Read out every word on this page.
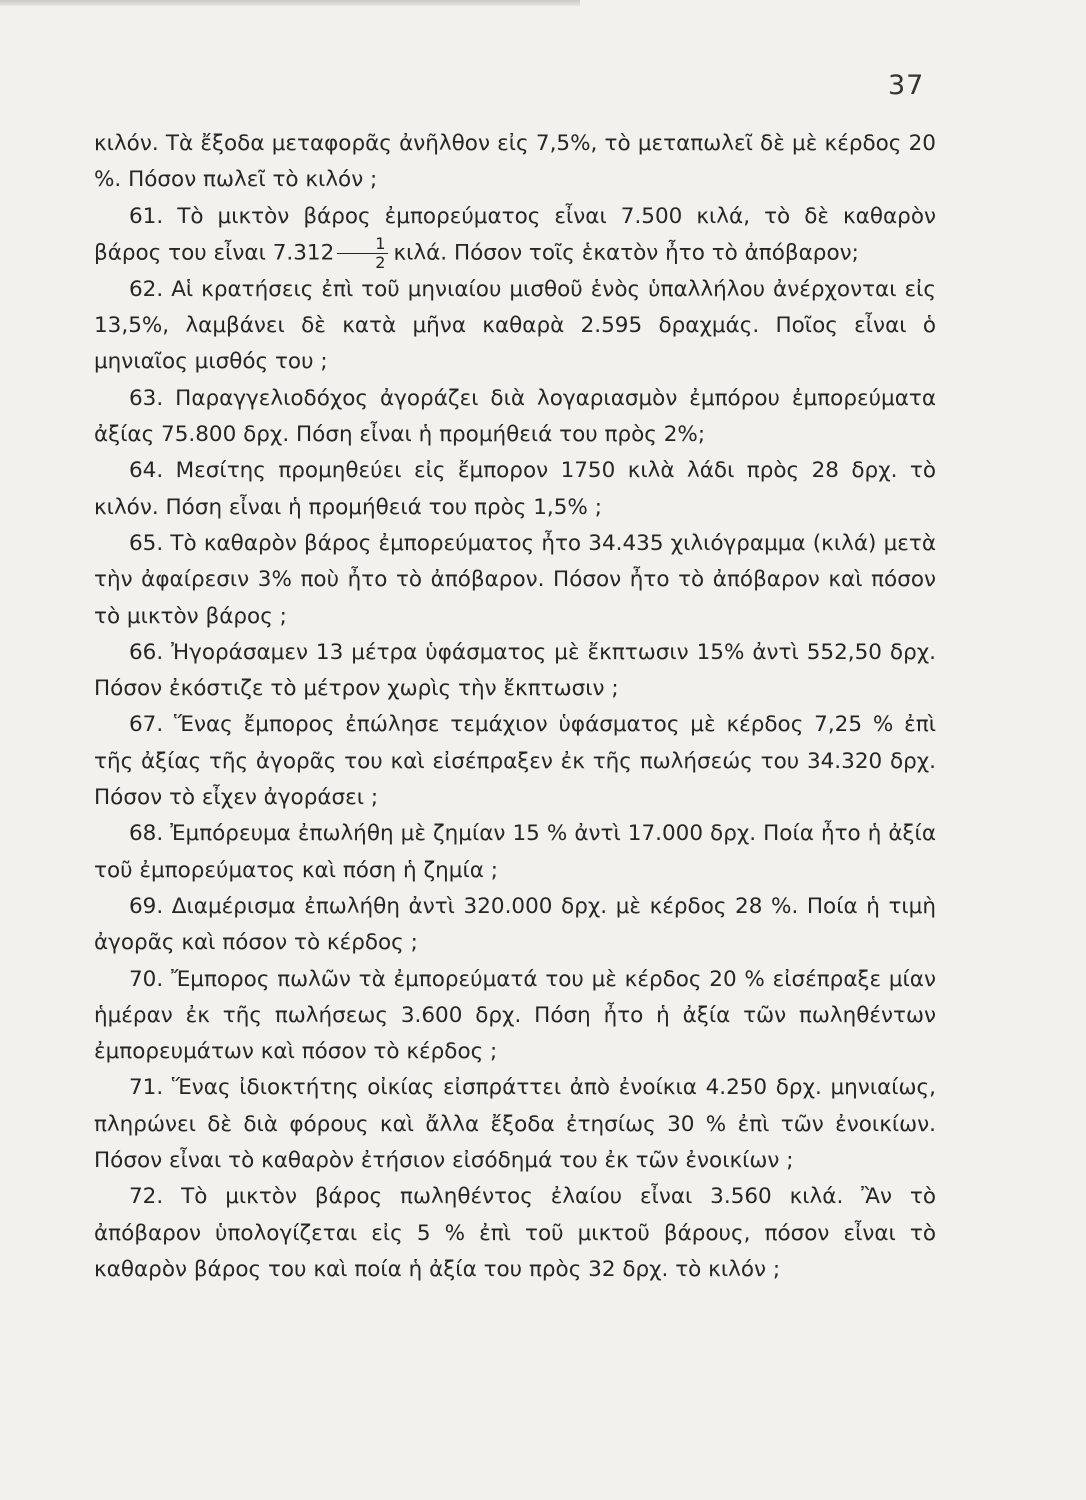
37

κιλόν. Τὰ ἔξοδα μεταφορᾶς ἀνῆλθον εἰς 7,5%, τὸ μεταπωλεῖ δὲ μὲ κέρδος 20 %. Πόσον πωλεῖ τὸ κιλόν ;

61. Τὸ μικτὸν βάρος ἐμπορεύματος εἶναι 7.500 κιλά, τὸ δὲ καθαρὸν βάρος του εἶναι $7.312 \frac{1}{2} \kappa\iota\lambda ά$. Πόσον τοῖς ἑκατὸν ἦτο τὸ ἀπόβαρον;

62. Αἱ κρατήσεις ἐπὶ τοῦ μηνιαίου μισθοῦ ἑνὸς ὑπαλλήλου ἀνέρχονται εἰς 13,5%, λαμβάνει δὲ κατὰ μῆνα καθαρὰ 2.595 δραχμάς. Ποῖος εἶναι ὁ μηνιαῖος μισθός του ;

63. Παραγγελιοδόχος ἀγοράζει διὰ λογαριασμὸν ἐμπόρου ἐμπορεύματα ἀξίας 75.800 δρχ. Πόση εἶναι ἡ προμήθειά του πρὸς 2%;

64. Μεσίτης προμηθεύει εἰς ἔμπορον 1750 κιλὰ λάδι πρὸς 28 δρχ. τὸ κιλόν. Πόση εἶναι ἡ προμήθειά του πρὸς 1,5% ;

65. Τὸ καθαρὸν βάρος ἐμπορεύματος ἦτο 34.435 χιλιόγραμμα (κιλά) μετὰ τὴν ἀφαίρεσιν 3% ποὺ ἦτο τὸ ἀπόβαρον. Πόσον ἦτο τὸ ἀπόβαρον καὶ πόσον τὸ μικτὸν βάρος ;

66. Ἠγοράσαμεν 13 μέτρα ὑφάσματος μὲ ἔκπτωσιν 15% ἀντὶ 552,50 δρχ. Πόσον ἐκόστιζε τὸ μέτρον χωρὶς τὴν ἔκπτωσιν ;

67. Ἕνας ἔμπορος ἐπώλησε τεμάχιον ὑφάσματος μὲ κέρδος 7,25 % ἐπὶ τῆς ἀξίας τῆς ἀγορᾶς του καὶ εἰσέπραξεν ἐκ τῆς πωλήσεώς του 34.320 δρχ. Πόσον τὸ εἶχεν ἀγοράσει ;

68. Ἐμπόρευμα ἐπωλήθη μὲ ζημίαν 15 % ἀντὶ 17.000 δρχ. Ποία ἦτο ἡ ἀξία τοῦ ἐμπορεύματος καὶ πόση ἡ ζημία ;

69. Διαμέρισμα ἐπωλήθη ἀντὶ 320.000 δρχ. μὲ κέρδος 28 %. Ποία ἡ τιμὴ ἀγορᾶς καὶ πόσον τὸ κέρδος ;

70. Ἔμπορος πωλῶν τὰ ἐμπορεύματά του μὲ κέρδος 20 % εἰσέπραξε μίαν ἡμέραν ἐκ τῆς πωλήσεως 3.600 δρχ. Πόση ἦτο ἡ ἀξία τῶν πωληθέντων ἐμπορευμάτων καὶ πόσον τὸ κέρδος ;

71. Ἕνας ἰδιοκτήτης οἰκίας εἰσπράττει ἀπὸ ἐνοίκια 4.250 δρχ. μηνιαίως, πληρώνει δὲ διὰ φόρους καὶ ἄλλα ἔξοδα ἐτησίως 30 % ἐπὶ τῶν ἐνοικίων. Πόσον εἶναι τὸ καθαρὸν ἐτήσιον εἰσόδημά του ἐκ τῶν ἐνοικίων ;

72. Τὸ μικτὸν βάρος πωληθέντος ἐλαίου εἶναι 3.560 κιλά. Ἂν τὸ ἀπόβαρον ὑπολογίζεται εἰς 5 % ἐπὶ τοῦ μικτοῦ βάρους, πόσον εἶναι τὸ καθαρὸν βάρος του καὶ ποία ἡ ἀξία του πρὸς 32 δρχ. τὸ κιλόν ;
